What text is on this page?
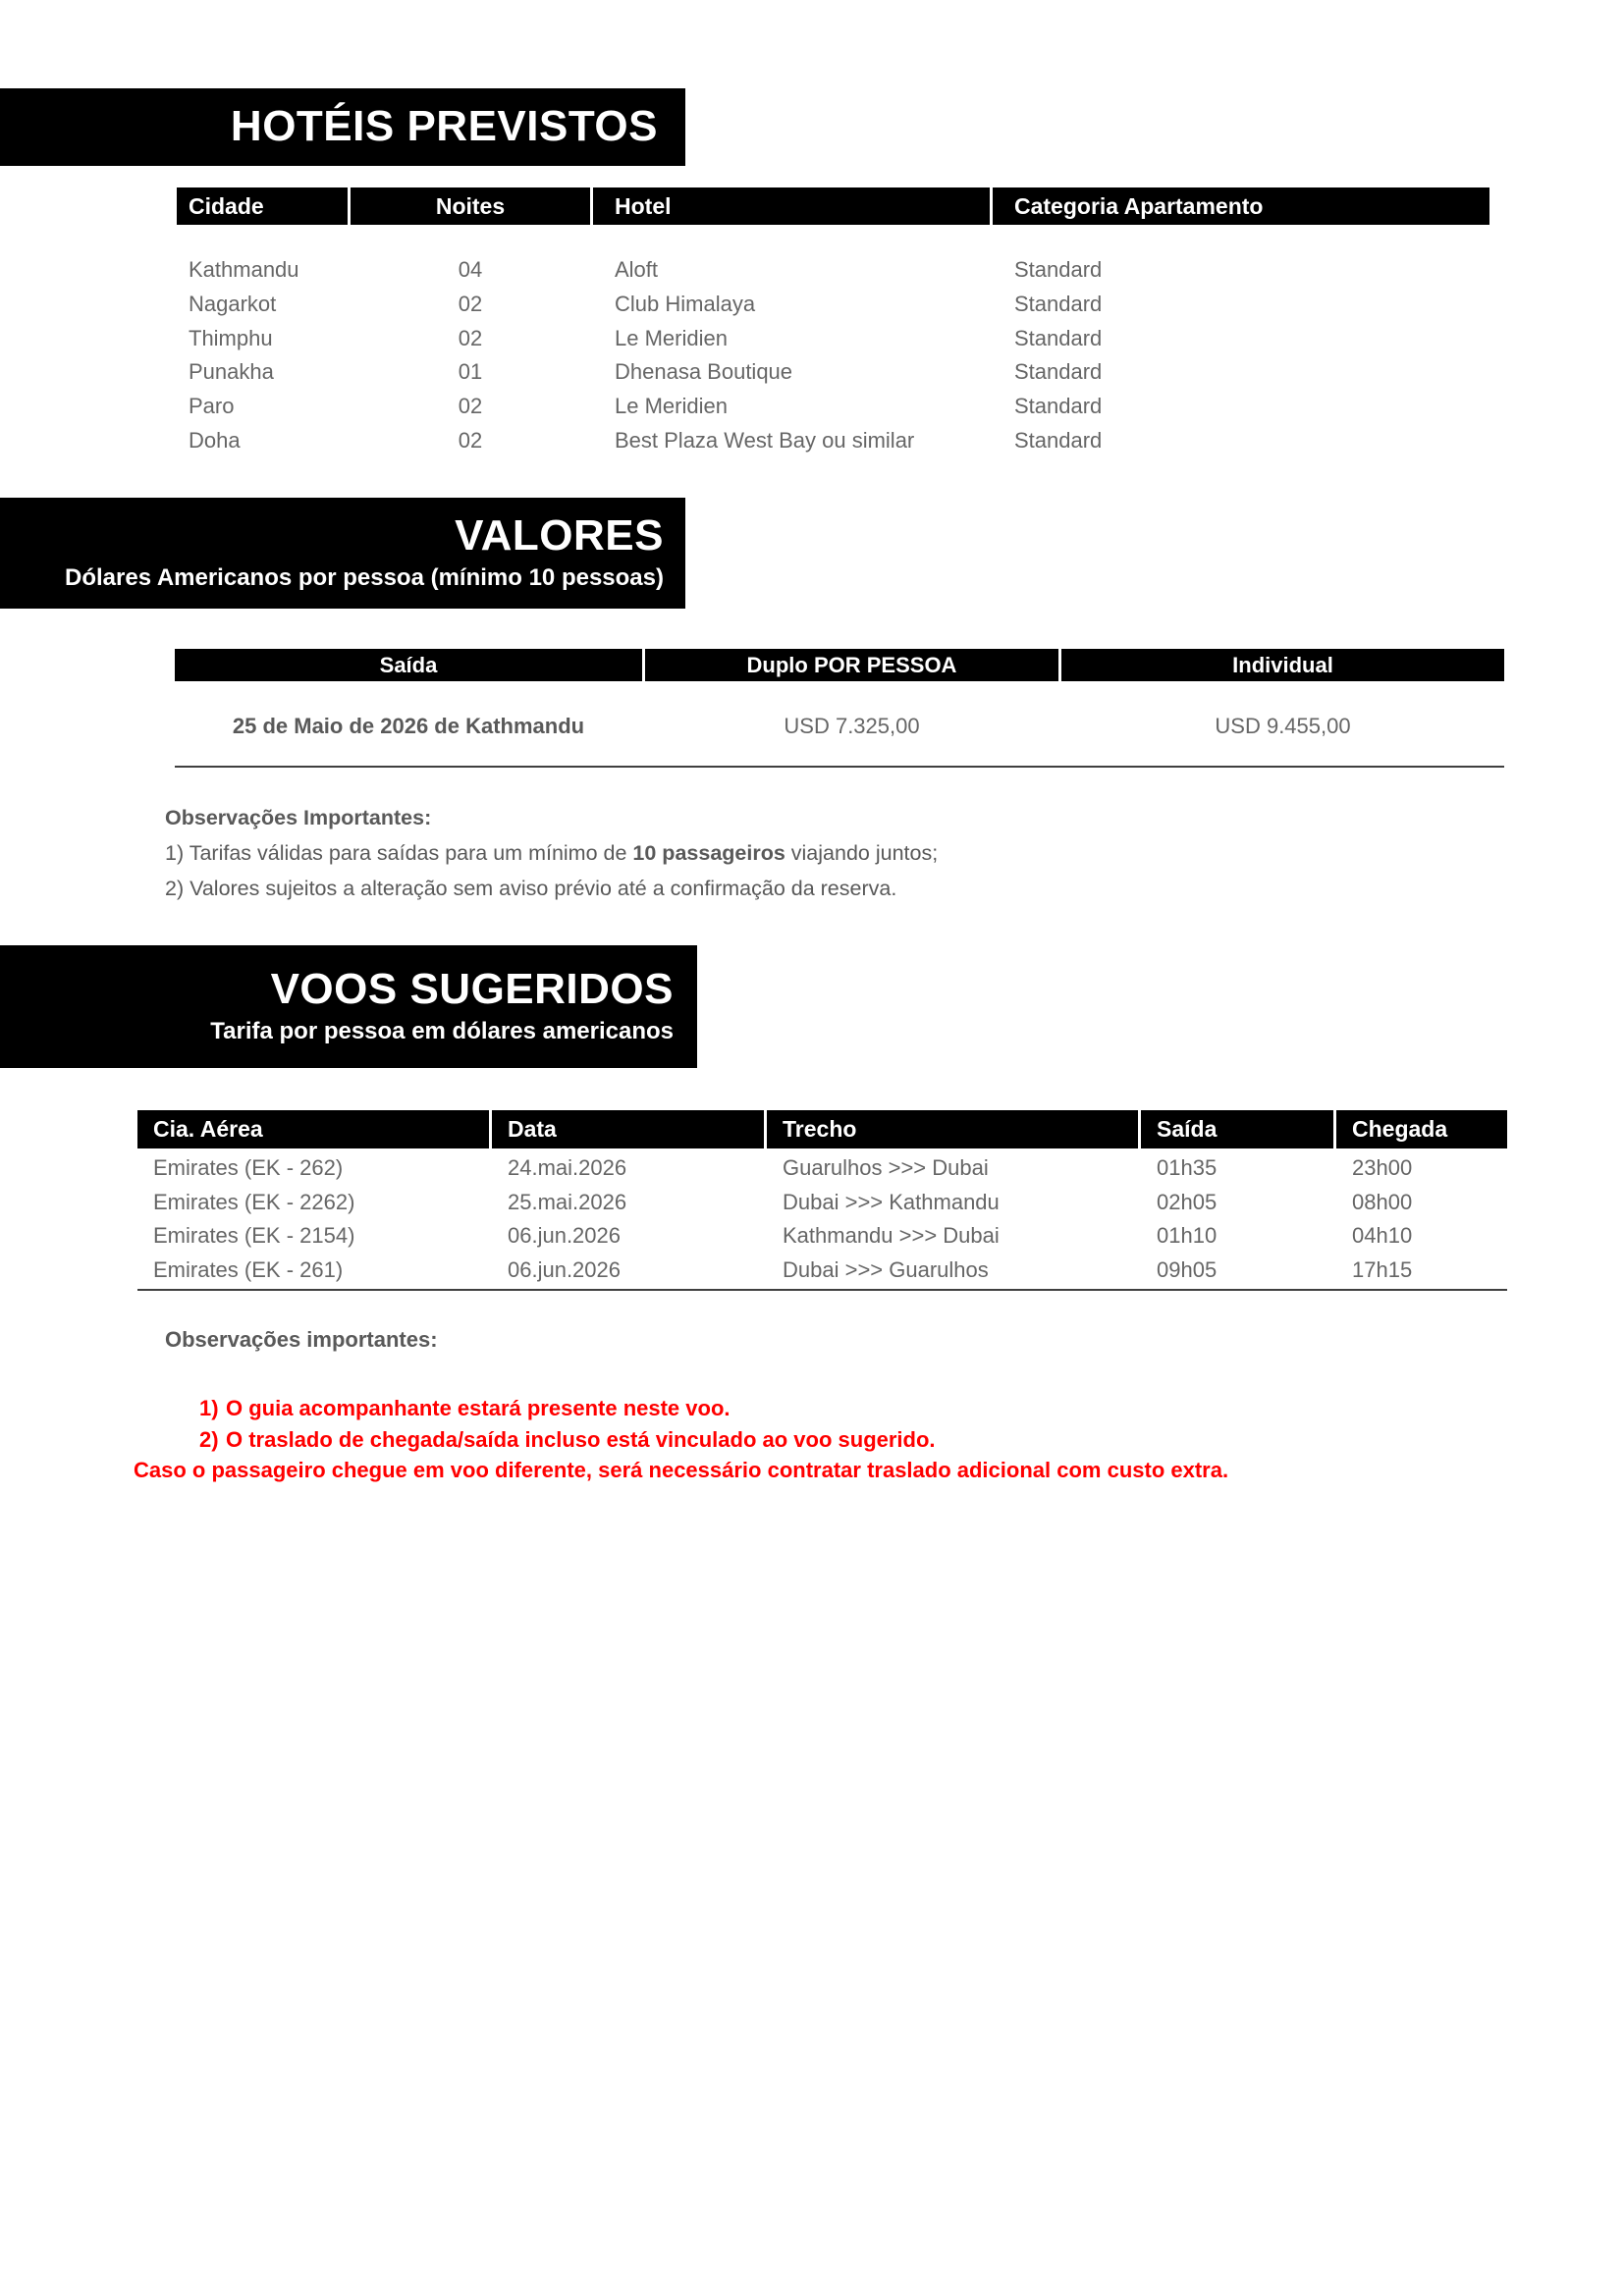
HOTÉIS PREVISTOS
Cidade	Noites	Hotel	Categoria Apartamento
Kathmandu	04	Aloft	Standard
Nagarkot	02	Club Himalaya	Standard
Thimphu	02	Le Meridien	Standard
Punakha	01	Dhenasa Boutique	Standard
Paro	02	Le Meridien	Standard
Doha	02	Best Plaza West Bay ou similar	Standard
VALORES
Dólares Americanos por pessoa (mínimo 10 pessoas)
Saída	Duplo POR PESSOA	Individual
25 de Maio de 2026 de Kathmandu	USD 7.325,00	USD 9.455,00
Observações Importantes:
1) Tarifas válidas para saídas para um mínimo de 10 passageiros viajando juntos;
2) Valores sujeitos a alteração sem aviso prévio até a confirmação da reserva.
VOOS SUGERIDOS
Tarifa por pessoa em dólares americanos
Cia. Aérea	Data	Trecho	Saída	Chegada
Emirates (EK - 262)	24.mai.2026	Guarulhos >>> Dubai	01h35	23h00
Emirates (EK - 2262)	25.mai.2026	Dubai >>> Kathmandu	02h05	08h00
Emirates (EK - 2154)	06.jun.2026	Kathmandu >>> Dubai	01h10	04h10
Emirates (EK - 261)	06.jun.2026	Dubai >>> Guarulhos	09h05	17h15
Observações importantes:
1) O guia acompanhante estará presente neste voo.
2) O traslado de chegada/saída incluso está vinculado ao voo sugerido.
Caso o passageiro chegue em voo diferente, será necessário contratar traslado adicional com custo extra.
